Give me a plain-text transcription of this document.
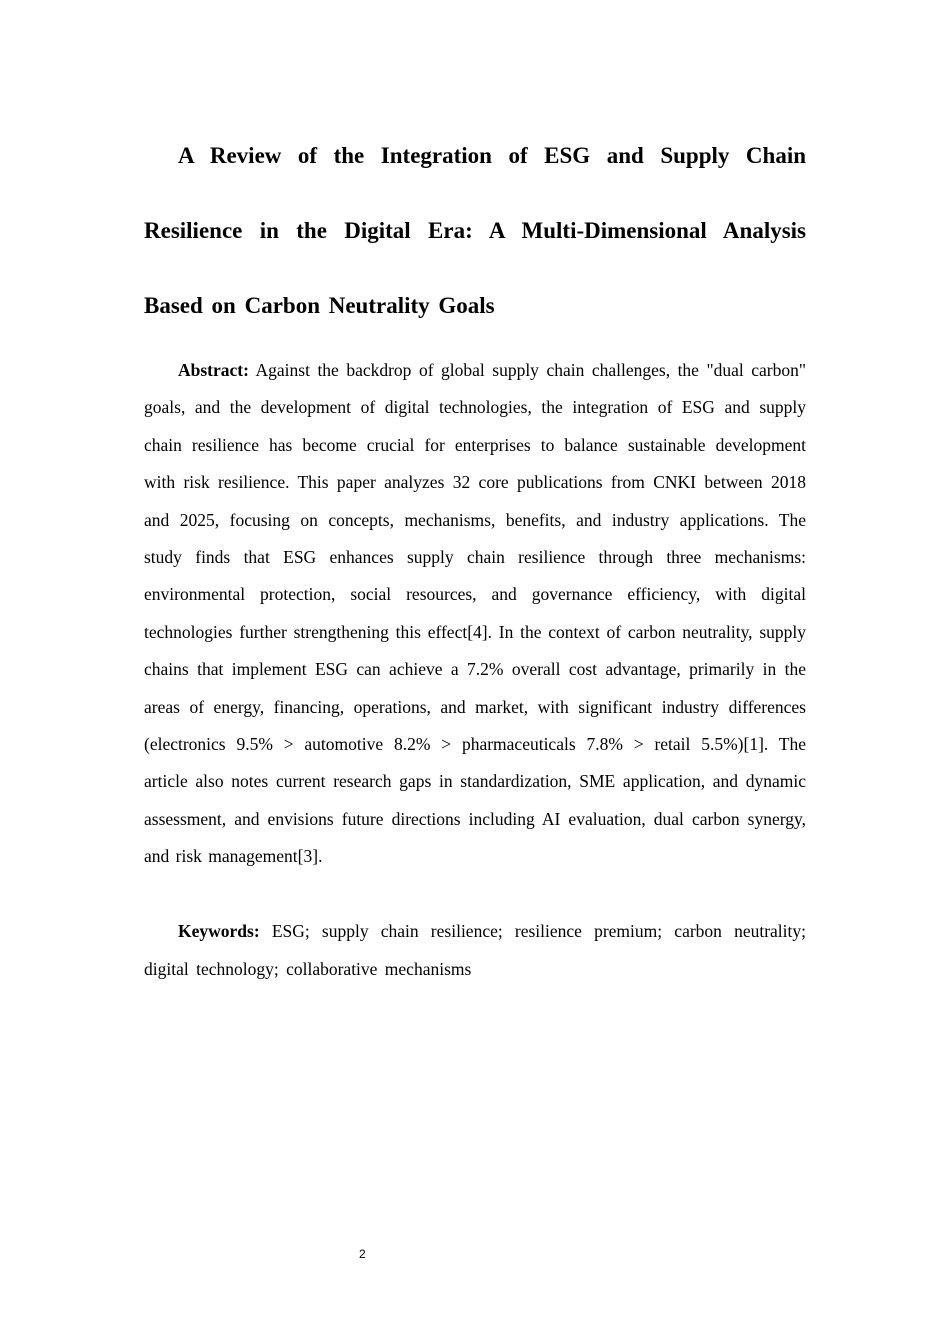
A Review of the Integration of ESG and Supply Chain Resilience in the Digital Era: A Multi-Dimensional Analysis Based on Carbon Neutrality Goals

Abstract: Against the backdrop of global supply chain challenges, the "dual carbon" goals, and the development of digital technologies, the integration of ESG and supply chain resilience has become crucial for enterprises to balance sustainable development with risk resilience. This paper analyzes 32 core publications from CNKI between 2018 and 2025, focusing on concepts, mechanisms, benefits, and industry applications. The study finds that ESG enhances supply chain resilience through three mechanisms: environmental protection, social resources, and governance efficiency, with digital technologies further strengthening this effect[4]. In the context of carbon neutrality, supply chains that implement ESG can achieve a 7.2% overall cost advantage, primarily in the areas of energy, financing, operations, and market, with significant industry differences (electronics 9.5% > automotive 8.2% > pharmaceuticals 7.8% > retail 5.5%)[1]. The article also notes current research gaps in standardization, SME application, and dynamic assessment, and envisions future directions including AI evaluation, dual carbon synergy, and risk management[3].

Keywords: ESG; supply chain resilience; resilience premium; carbon neutrality; digital technology; collaborative mechanisms

2
